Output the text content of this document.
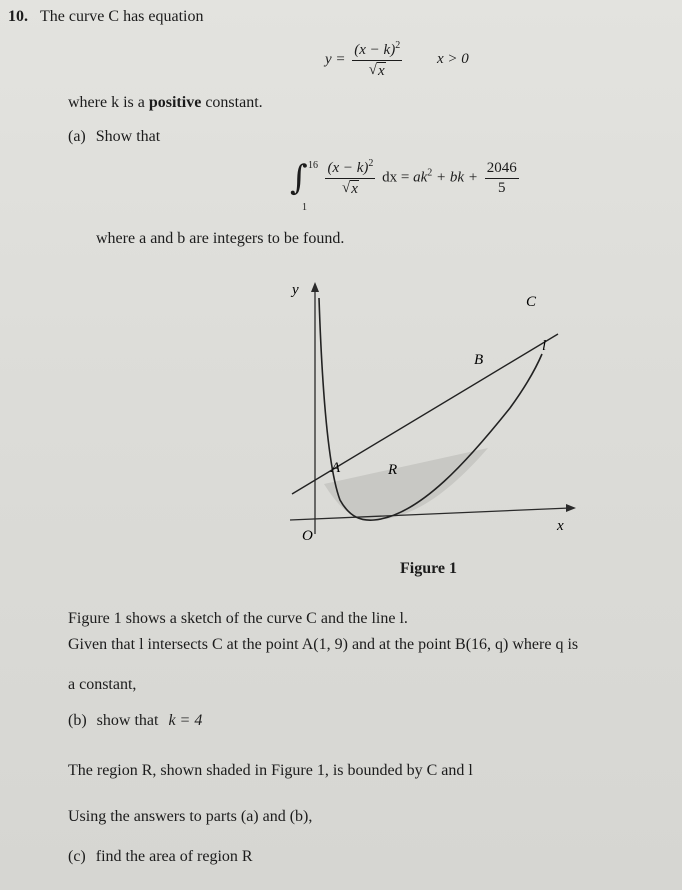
10. The curve C has equation
$y = \frac{(x - k)^2}{√ x}$ x > 0
where k is a positive constant.
(a) Show that
∫ 16
1
$\frac{(x - k)^2}{√ x}$ dx = $ak^2$ + bk + $\frac{2046}{5}$
where a and b are integers to be found.
y
x
O
C
l
A
B
R
Figure 1
Figure 1 shows a sketch of the curve C and the line l.
Given that l intersects C at the point A(1, 9) and at the point B(16, q) where q is
a constant,
(b) show that k = 4
The region R, shown shaded in Figure 1, is bounded by C and l
Using the answers to parts (a) and (b),
(c) find the area of region R
